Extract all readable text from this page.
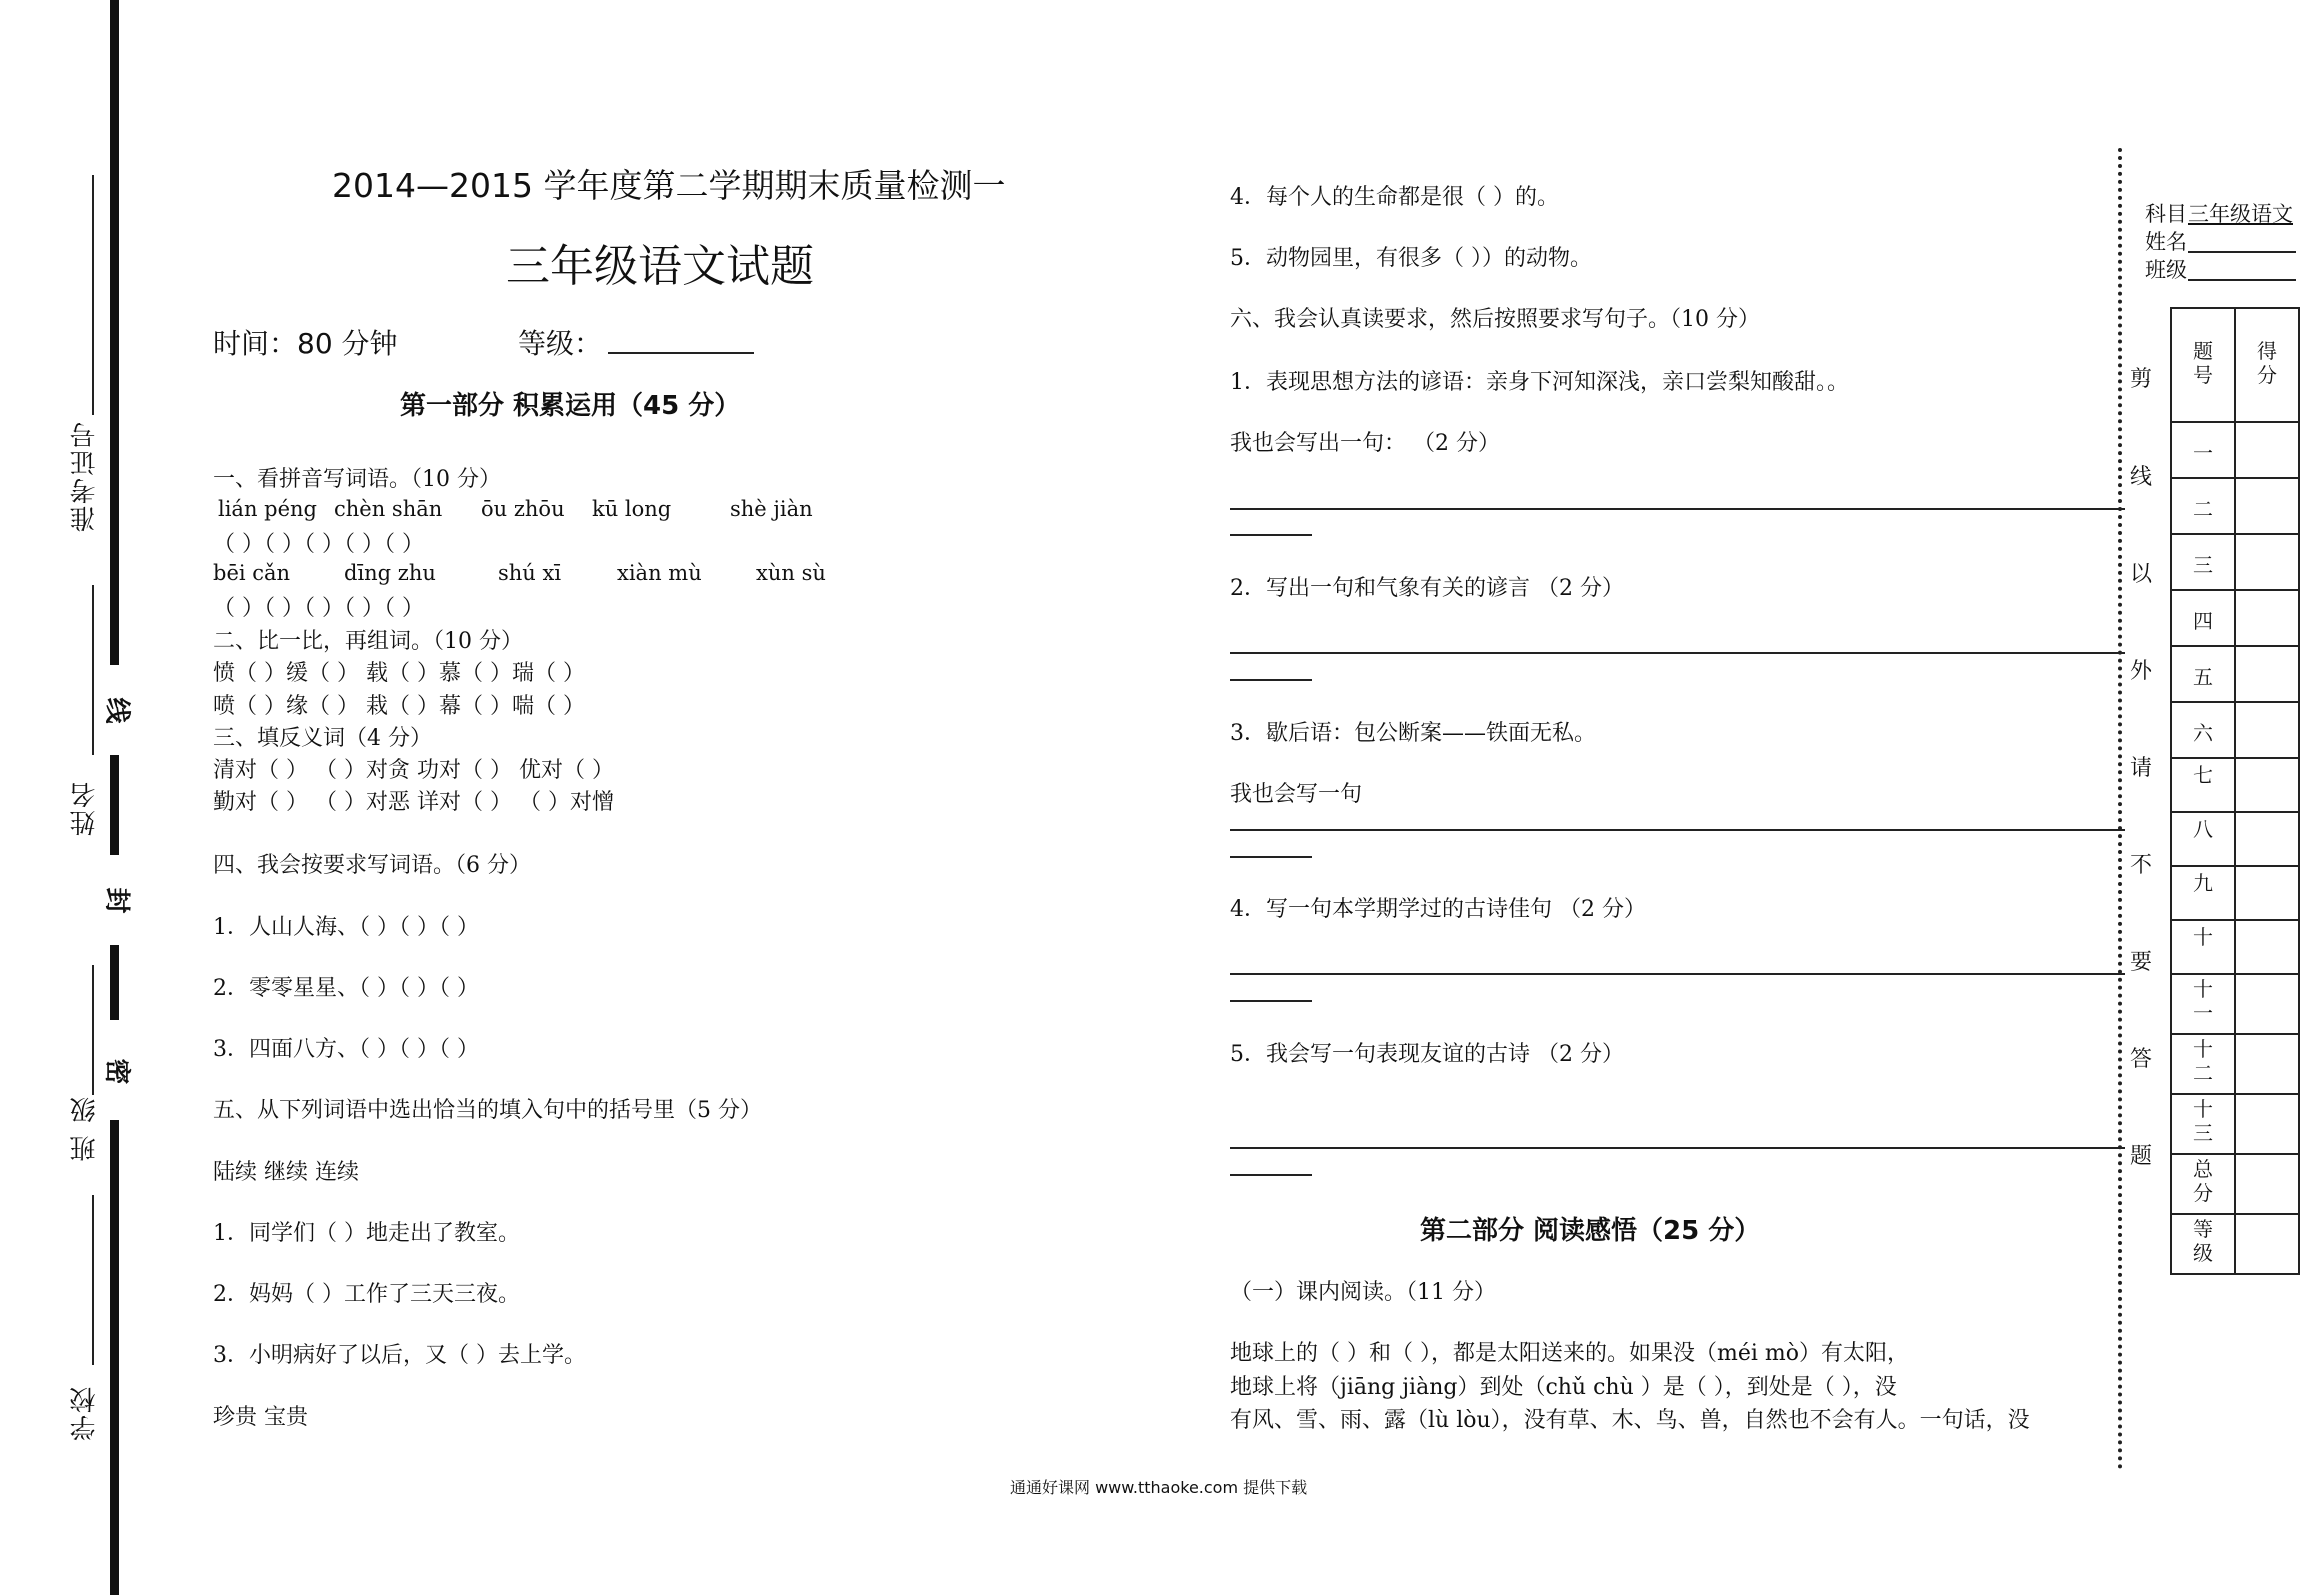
线
封
密
准考证号
姓名
班 级
学校
2014—2015 学年度第二学期期末质量检测一
三年级语文试题
时间：80 分钟	等级：
第一部分 积累运用（45 分）
一、看拼音写词语。（10 分）
lián péng chèn shān ōu zhōu kū long	shè jiàn
（ ）（ ）（ ）（ ）（ ）
bēi cǎn	dīng zhu	shú xī	xiàn mù	xùn sù
（ ）（ ）（ ）（ ）（ ）
二、比一比，再组词。（10 分）
愤（ ）缓（ ） 载（ ）慕（ ）瑞（ ）
喷（ ）缘（ ） 栽（ ）幕（ ）喘（ ）
三、填反义词（4 分）
清对（ ） （ ）对贪 功对（ ） 优对（ ）
勤对（ ） （ ）对恶 详对（ ） （ ）对憎
四、我会按要求写词语。（6 分）
1．人山人海、（ ）（ ）（ ）
2．零零星星、（ ）（ ）（ ）
3．四面八方、（ ）（ ）（ ）
五、从下列词语中选出恰当的填入句中的括号里（5 分）
陆续 继续 连续
1．同学们（ ）地走出了教室。
2．妈妈（ ）工作了三天三夜。
3．小明病好了以后，又（ ）去上学。
珍贵 宝贵
4．每个人的生命都是很（ ）的。
5．动物园里，有很多（ ））的动物。
六、我会认真读要求，然后按照要求写句子。（10 分）
1．表现思想方法的谚语：亲身下河知深浅，亲口尝梨知酸甜。。
我也会写出一句： （2 分）
2．写出一句和气象有关的谚言 （2 分）
3．歇后语：包公断案——铁面无私。
我也会写一句
4．写一句本学期学过的古诗佳句 （2 分）
5．我会写一句表现友谊的古诗 （2 分）
第二部分 阅读感悟（25 分）
（一）课内阅读。（11 分）
地球上的（ ）和（ ），都是太阳送来的。如果没（méi mò）有太阳，
地球上将（jiāng jiàng）到处（chǔ chù ）是（ ），到处是（ ），没
有风、雪、雨、露（lù lòu），没有草、木、鸟、兽，自然也不会有人。一句话，没
剪
线
以
外
请
不
要
答
题
科目 三年级语文
姓名
班级
题号	得分
一	
二	
三	
四	
五	
六	
七	
八	
九	
十	
十一	
十二	
十三	
总分	
等级	
通通好课网 www.tthaoke.com 提供下载
